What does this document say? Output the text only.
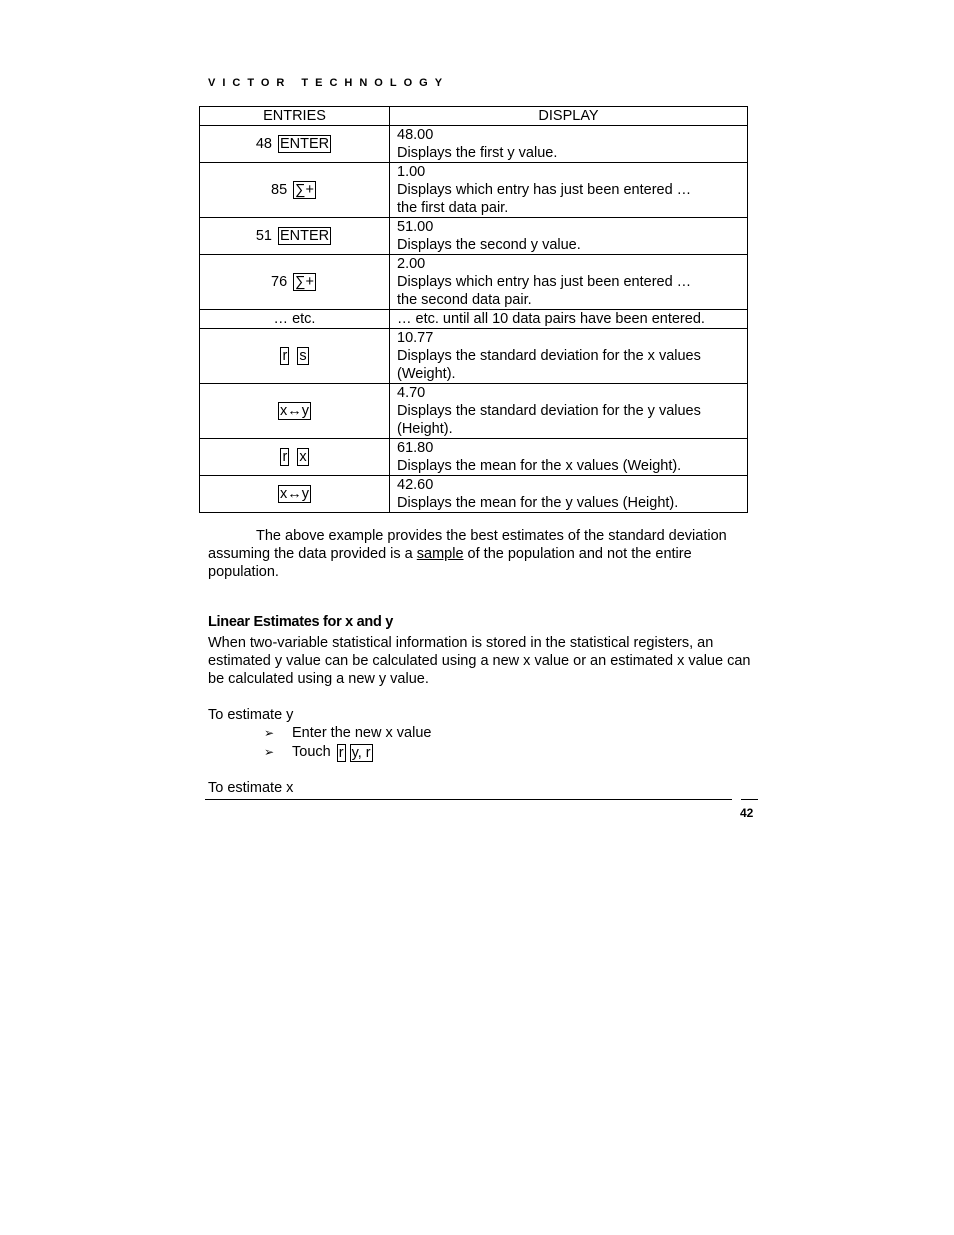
VICTOR TECHNOLOGY
ENTRIES	DISPLAY
48 ENTER	48.00
Displays the first y value.

85 ∑+	1.00
Displays which entry has just been entered …
the first data pair.

51 ENTER	51.00
Displays the second y value.

76 ∑+	2.00
Displays which entry has just been entered …
the second data pair.

… etc.	… etc. until all 10 data pairs have been entered.

r s	10.77
Displays the standard deviation for the x values
(Weight).

x↔y	4.70
Displays the standard deviation for the y values
(Height).

r x	61.80
Displays the mean for the x values (Weight).

x↔y	42.60
Displays the mean for the y values (Height).
The above example provides the best estimates of the standard deviation assuming the data provided is a sample of the population and not the entire population.
Linear Estimates for x and y
When two-variable statistical information is stored in the statistical registers, an estimated y value can be calculated using a new x value or an estimated x value can be calculated using a new y value.
To estimate y
➢	Enter the new x value
➢	Touch
r y, r
To estimate x
42
